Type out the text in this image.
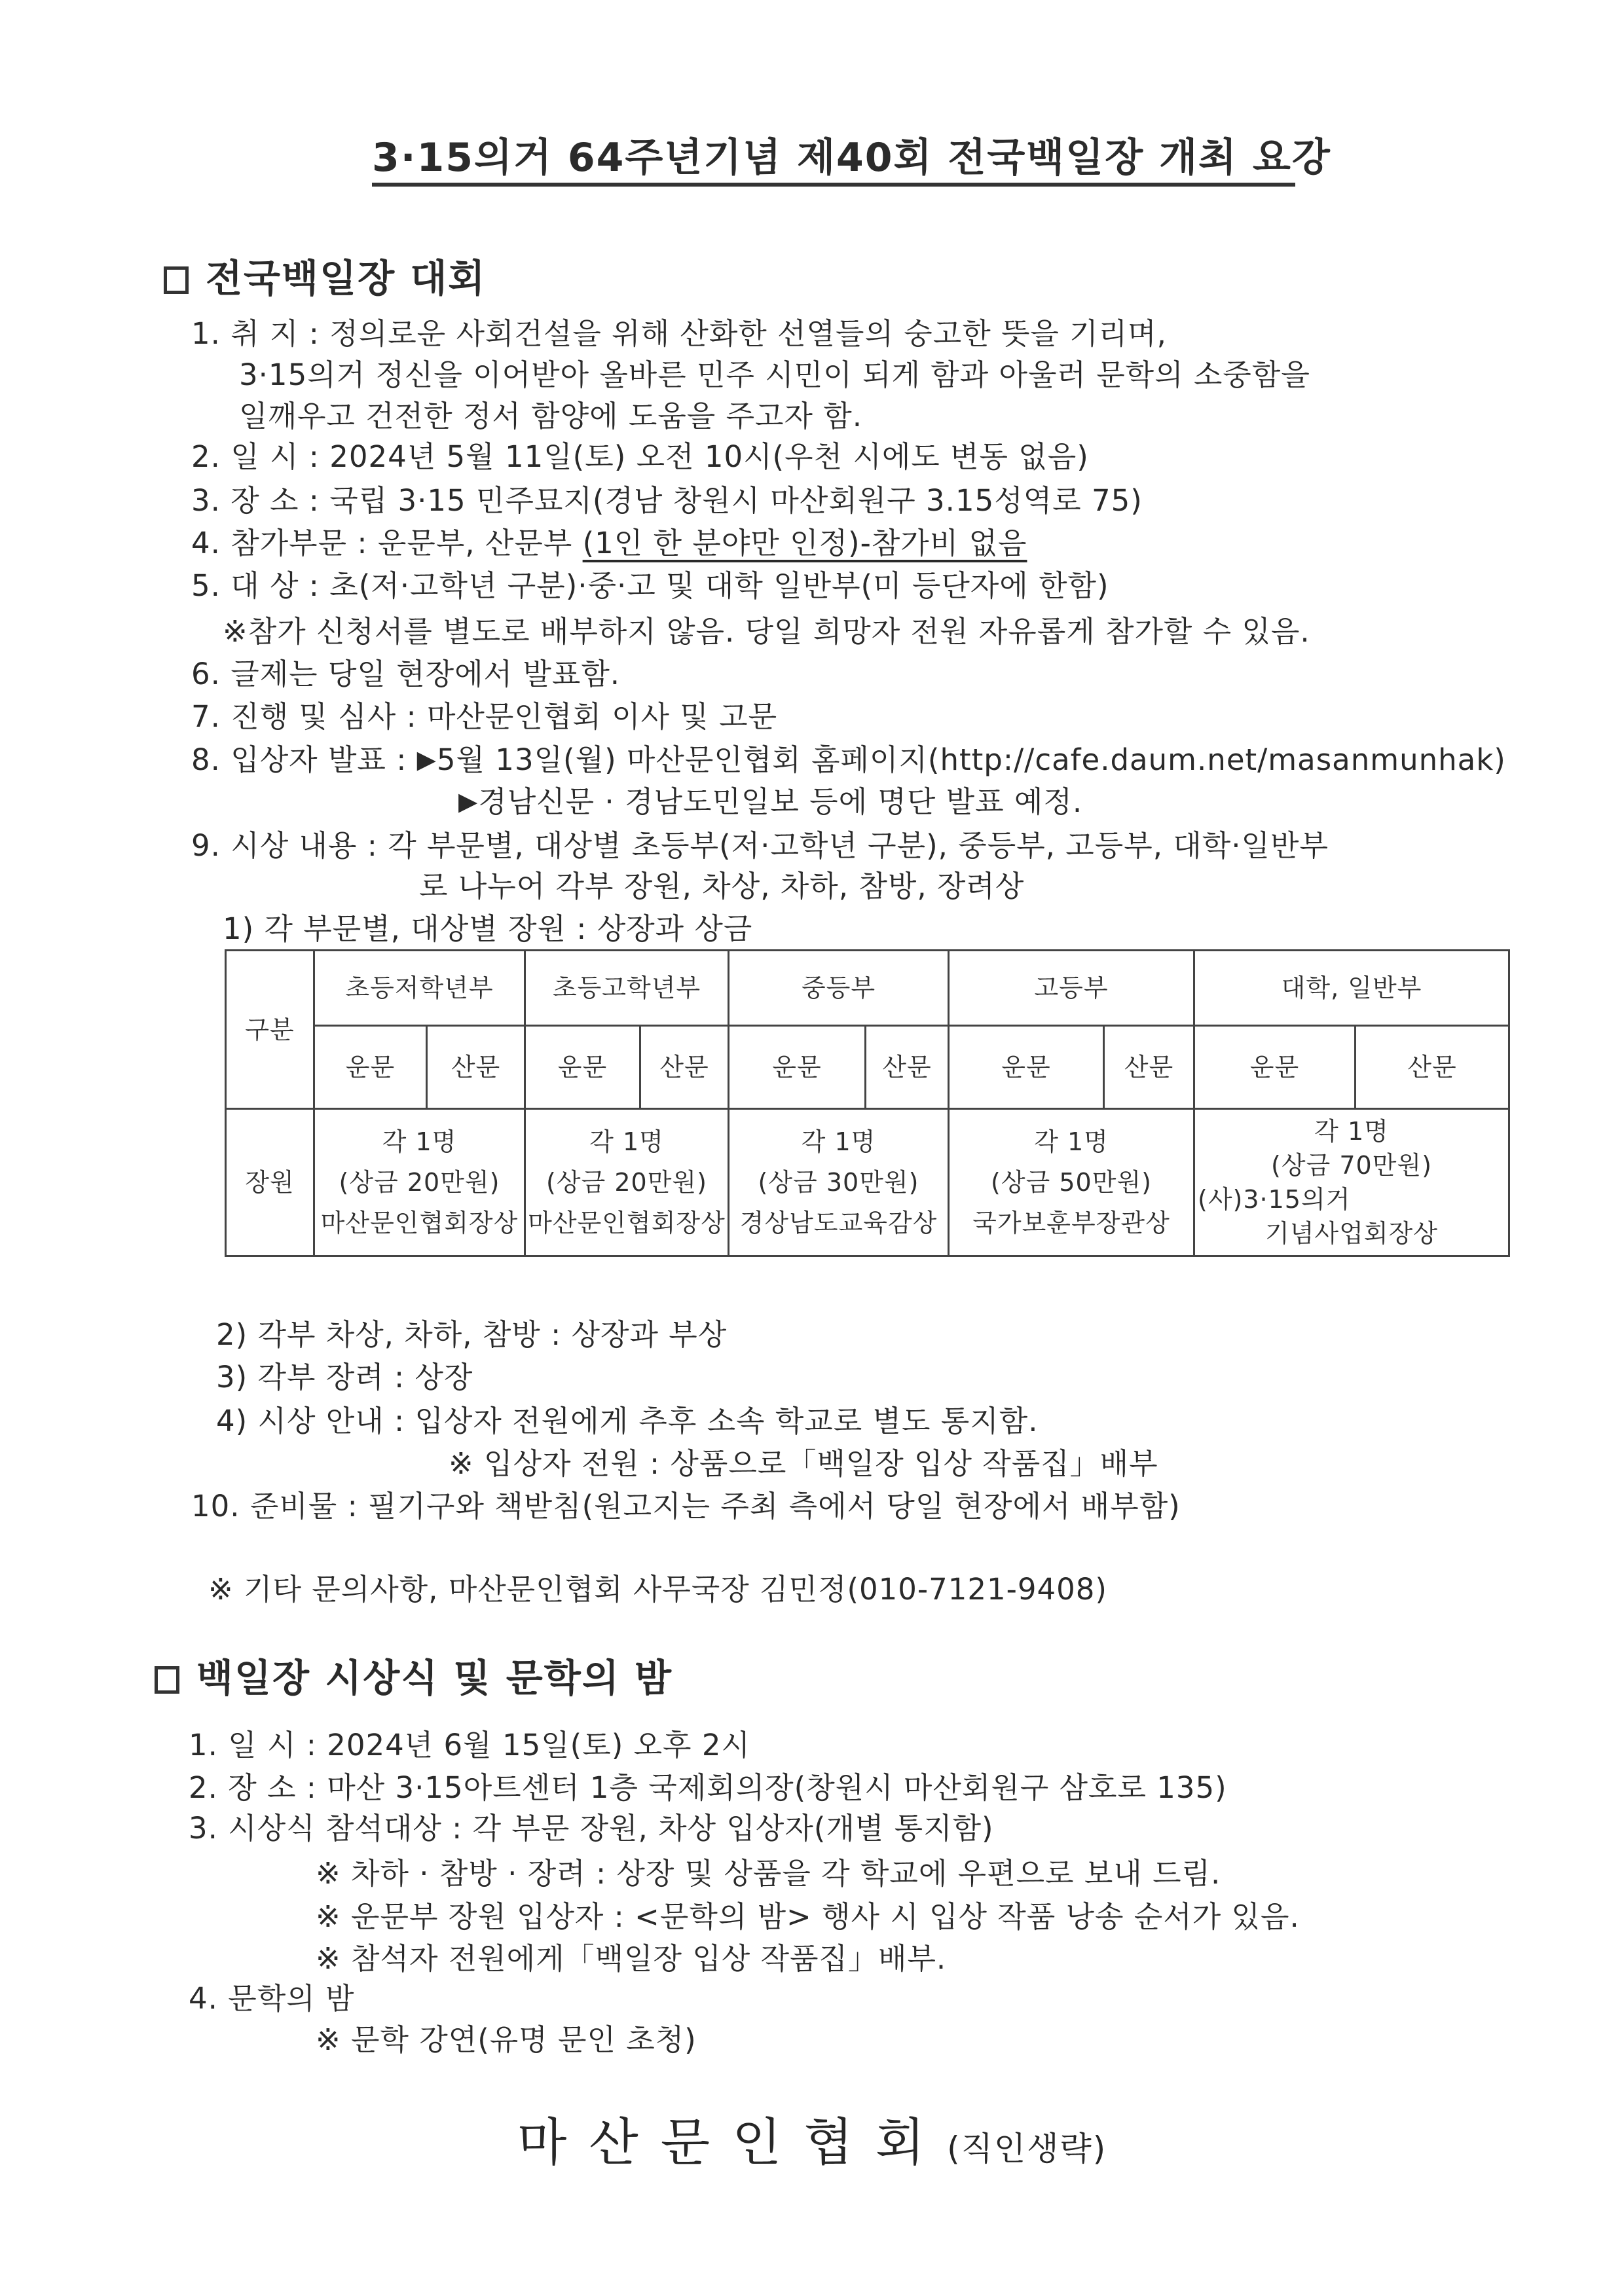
3·15의거 64주년기념 제40회 전국백일장 개최 요강
전국백일장 대회
1. 취 지 : 정의로운 사회건설을 위해 산화한 선열들의 숭고한 뜻을 기리며,
3·15의거 정신을 이어받아 올바른 민주 시민이 되게 함과 아울러 문학의 소중함을
일깨우고 건전한 정서 함양에 도움을 주고자 함.
2. 일 시 : 2024년 5월 11일(토) 오전 10시(우천 시에도 변동 없음)
3. 장 소 : 국립 3·15 민주묘지(경남 창원시 마산회원구 3.15성역로 75)
4. 참가부문 : 운문부, 산문부 (1인 한 분야만 인정)-참가비 없음
5. 대 상 : 초(저·고학년 구분)·중·고 및 대학 일반부(미 등단자에 한함)
※참가 신청서를 별도로 배부하지 않음. 당일 희망자 전원 자유롭게 참가할 수 있음.
6. 글제는 당일 현장에서 발표함.
7. 진행 및 심사 : 마산문인협회 이사 및 고문
8. 입상자 발표 : ▶5월 13일(월) 마산문인협회 홈페이지(http://cafe.daum.net/masanmunhak)
▶경남신문 · 경남도민일보 등에 명단 발표 예정.
9. 시상 내용 : 각 부문별, 대상별 초등부(저·고학년 구분), 중등부, 고등부, 대학·일반부
로 나누어 각부 장원, 차상, 차하, 참방, 장려상
1) 각 부문별, 대상별 장원 : 상장과 상금
구분	초등저학년부		초등고학년부		중등부		고등부		대학, 일반부	
	운문	산문	운문	산문	운문	산문	운문	산문	운문	산문
장원	각 1명
(상금 20만원)
마산문인협회장상		각 1명
(상금 20만원)
마산문인협회장상		각 1명
(상금 30만원)
경상남도교육감상		각 1명
(상금 50만원)
국가보훈부장관상		각 1명
(상금 70만원)
(사)3·15의거
기념사업회장상	
2) 각부 차상, 차하, 참방 : 상장과 부상
3) 각부 장려 : 상장
4) 시상 안내 : 입상자 전원에게 추후 소속 학교로 별도 통지함.
※ 입상자 전원 : 상품으로「백일장 입상 작품집」배부
10. 준비물 : 필기구와 책받침(원고지는 주최 측에서 당일 현장에서 배부함)
※ 기타 문의사항, 마산문인협회 사무국장 김민정(010-7121-9408)
백일장 시상식 및 문학의 밤
1. 일 시 : 2024년 6월 15일(토) 오후 2시
2. 장 소 : 마산 3·15아트센터 1층 국제회의장(창원시 마산회원구 삼호로 135)
3. 시상식 참석대상 : 각 부문 장원, 차상 입상자(개별 통지함)
※ 차하 · 참방 · 장려 : 상장 및 상품을 각 학교에 우편으로 보내 드림.
※ 운문부 장원 입상자 : <문학의 밤> 행사 시 입상 작품 낭송 순서가 있음.
※ 참석자 전원에게「백일장 입상 작품집」배부.
4. 문학의 밤
※ 문학 강연(유명 문인 초청)
마산문인협회(직인생략)
